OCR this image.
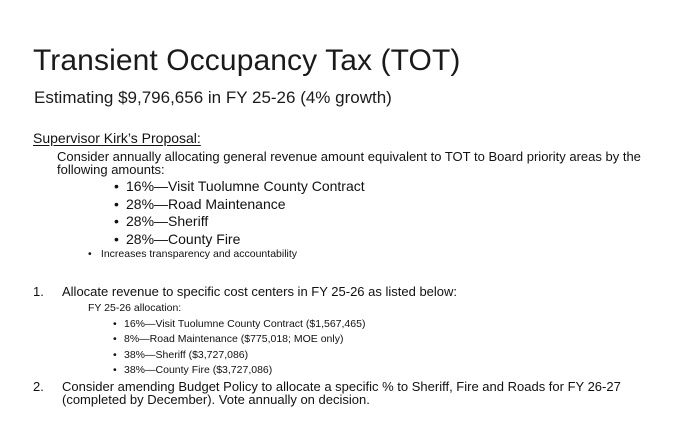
Transient Occupancy Tax (TOT)
Estimating $9,796,656 in FY 25-26 (4% growth)
Supervisor Kirk’s Proposal:
Consider annually allocating general revenue amount equivalent to TOT to Board priority areas by the following amounts:
• 16%—Visit Tuolumne County Contract
• 28%—Road Maintenance
• 28%—Sheriff
• 28%—County Fire
• Increases transparency and accountability
1. Allocate revenue to specific cost centers in FY 25-26 as listed below:
FY 25-26 allocation:
• 16%—Visit Tuolumne County Contract ($1,567,465)
• 8%—Road Maintenance ($775,018; MOE only)
• 38%—Sheriff ($3,727,086)
• 38%—County Fire ($3,727,086)
2. Consider amending Budget Policy to allocate a specific % to Sheriff, Fire and Roads for FY 26-27 (completed by December). Vote annually on decision.
